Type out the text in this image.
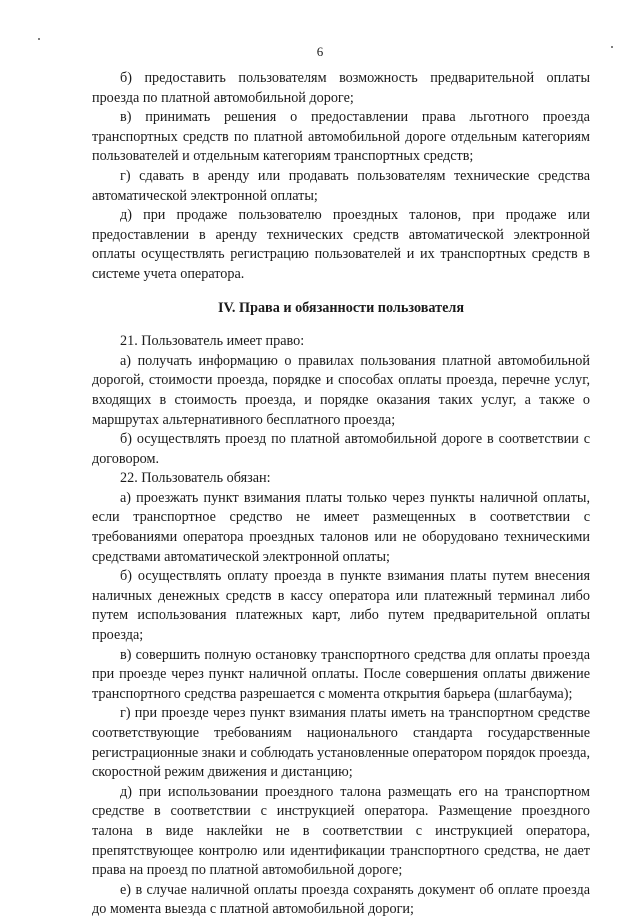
6

б) предоставить пользователям возможность предварительной оплаты проезда по платной автомобильной дороге;

в) принимать решения о предоставлении права льготного проезда транспортных средств по платной автомобильной дороге отдельным категориям пользователей и отдельным категориям транспортных средств;

г) сдавать в аренду или продавать пользователям технические средства автоматической электронной оплаты;

д) при продаже пользователю проездных талонов, при продаже или предоставлении в аренду технических средств автоматической электронной оплаты осуществлять регистрацию пользователей и их транспортных средств в системе учета оператора.

IV. Права и обязанности пользователя

21. Пользователь имеет право:

а) получать информацию о правилах пользования платной автомобильной дорогой, стоимости проезда, порядке и способах оплаты проезда, перечне услуг, входящих в стоимость проезда, и порядке оказания таких услуг, а также о маршрутах альтернативного бесплатного проезда;

б) осуществлять проезд по платной автомобильной дороге в соответствии с договором.

22. Пользователь обязан:

а) проезжать пункт взимания платы только через пункты наличной оплаты, если транспортное средство не имеет размещенных в соответствии с требованиями оператора проездных талонов или не оборудовано техническими средствами автоматической электронной оплаты;

б) осуществлять оплату проезда в пункте взимания платы путем внесения наличных денежных средств в кассу оператора или платежный терминал либо путем использования платежных карт, либо путем предварительной оплаты проезда;

в) совершить полную остановку транспортного средства для оплаты проезда при проезде через пункт наличной оплаты. После совершения оплаты движение транспортного средства разрешается с момента открытия барьера (шлагбаума);

г) при проезде через пункт взимания платы иметь на транспортном средстве соответствующие требованиям национального стандарта государственные регистрационные знаки и соблюдать установленные оператором порядок проезда, скоростной режим движения и дистанцию;

д) при использовании проездного талона размещать его на транспортном средстве в соответствии с инструкцией оператора. Размещение проездного талона в виде наклейки не в соответствии с инструкцией оператора, препятствующее контролю или идентификации транспортного средства, не дает права на проезд по платной автомобильной дороге;

е) в случае наличной оплаты проезда сохранять документ об оплате проезда до момента выезда с платной автомобильной дороги;
